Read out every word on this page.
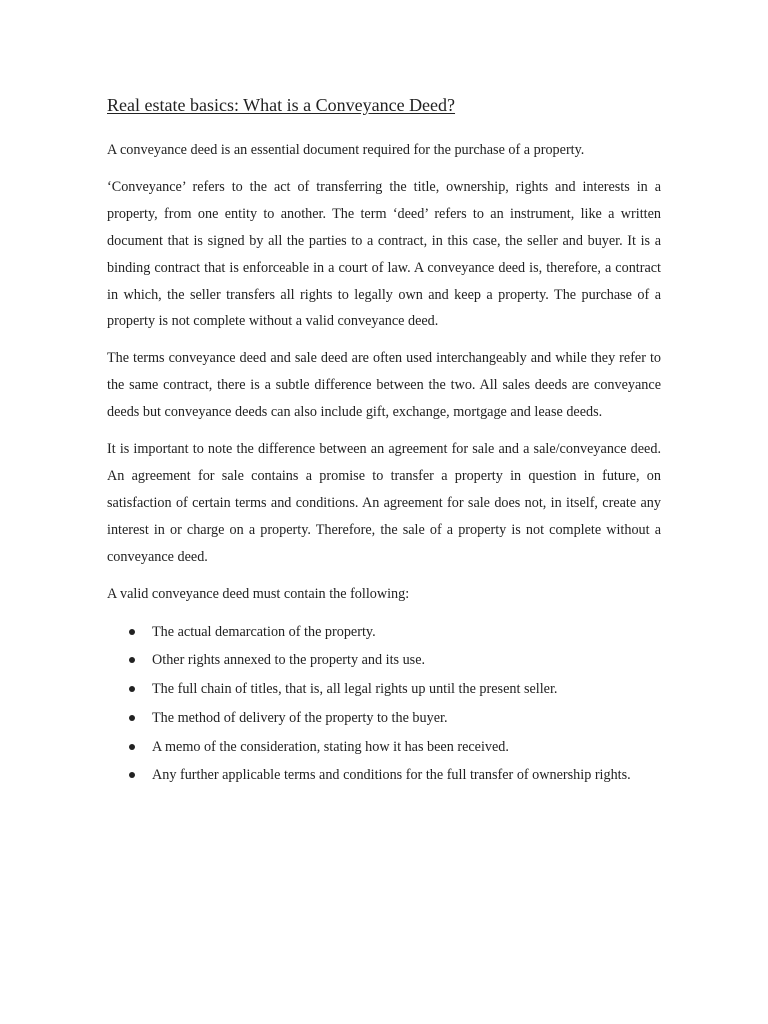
Real estate basics: What is a Conveyance Deed?

A conveyance deed is an essential document required for the purchase of a property.

‘Conveyance’ refers to the act of transferring the title, ownership, rights and interests in a property, from one entity to another. The term ‘deed’ refers to an instrument, like a written document that is signed by all the parties to a contract, in this case, the seller and buyer. It is a binding contract that is enforceable in a court of law. A conveyance deed is, therefore, a contract in which, the seller transfers all rights to legally own and keep a property. The purchase of a property is not complete without a valid conveyance deed.

The terms conveyance deed and sale deed are often used interchangeably and while they refer to the same contract, there is a subtle difference between the two. All sales deeds are conveyance deeds but conveyance deeds can also include gift, exchange, mortgage and lease deeds.

It is important to note the difference between an agreement for sale and a sale/conveyance deed. An agreement for sale contains a promise to transfer a property in question in future, on satisfaction of certain terms and conditions. An agreement for sale does not, in itself, create any interest in or charge on a property. Therefore, the sale of a property is not complete without a conveyance deed.

A valid conveyance deed must contain the following:

The actual demarcation of the property.
Other rights annexed to the property and its use.
The full chain of titles, that is, all legal rights up until the present seller.
The method of delivery of the property to the buyer.
A memo of the consideration, stating how it has been received.
Any further applicable terms and conditions for the full transfer of ownership rights.
